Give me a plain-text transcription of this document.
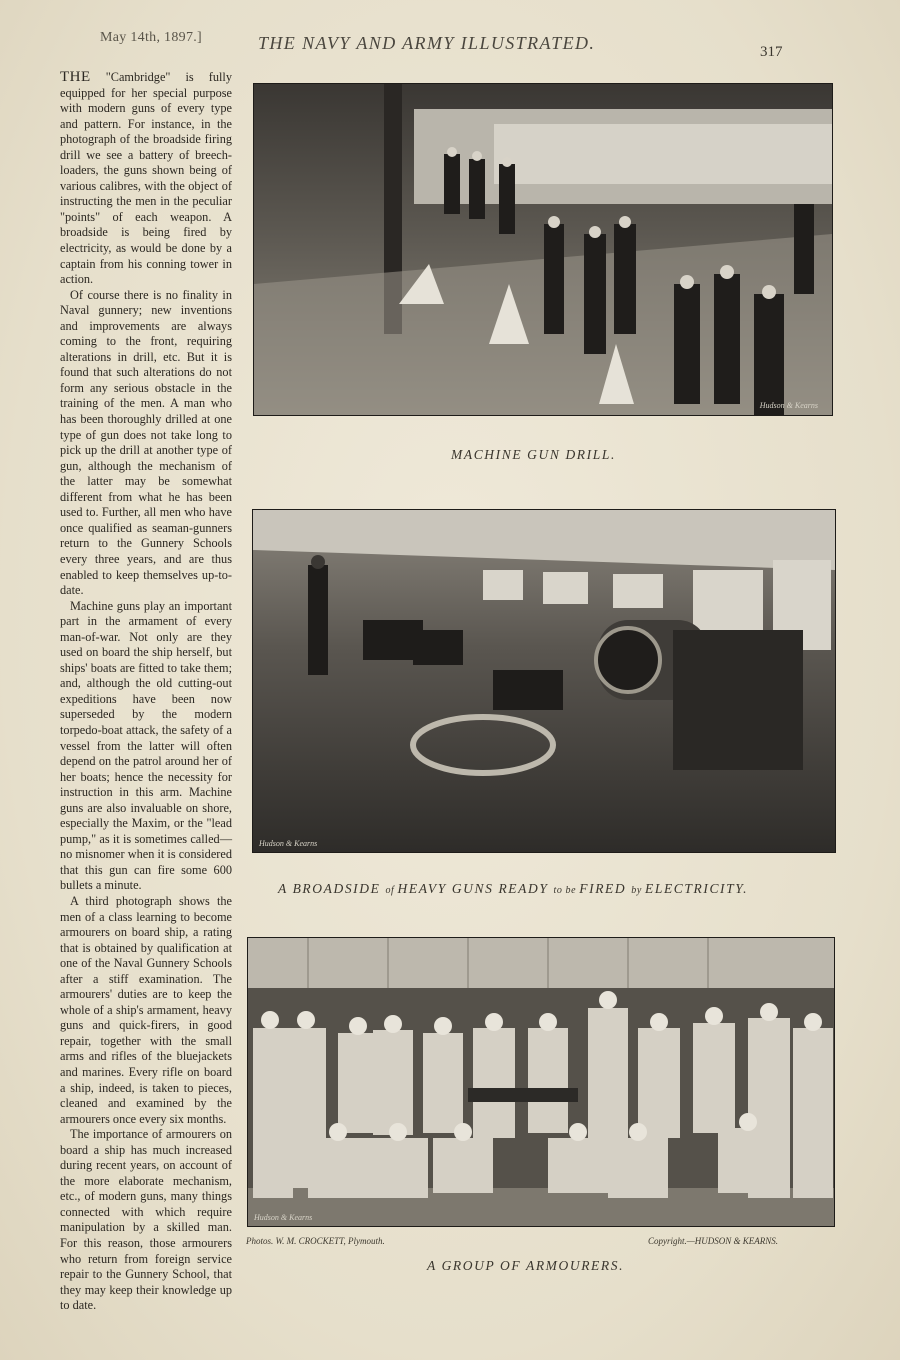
May 14th, 1897.]	THE NAVY AND ARMY ILLUSTRATED.	317

THE "Cambridge" is fully equipped for her special purpose with modern guns of every type and pattern. For instance, in the photograph of the broadside firing drill we see a battery of breech-loaders, the guns shown being of various calibres, with the object of instructing the men in the peculiar "points" of each weapon. A broadside is being fired by electricity, as would be done by a captain from his conning tower in action.

Of course there is no finality in Naval gunnery; new inventions and improvements are always coming to the front, requiring alterations in drill, etc. But it is found that such alterations do not form any serious obstacle in the training of the men. A man who has been thoroughly drilled at one type of gun does not take long to pick up the drill at another type of gun, although the mechanism of the latter may be somewhat different from what he has been used to. Further, all men who have once qualified as seaman-gunners return to the Gunnery Schools every three years, and are thus enabled to keep themselves up-to-date.

Machine guns play an important part in the armament of every man-of-war. Not only are they used on board the ship herself, but ships' boats are fitted to take them; and, although the old cutting-out expeditions have been now superseded by the modern torpedo-boat attack, the safety of a vessel from the latter will often depend on the patrol around her of her boats; hence the necessity for instruction in this arm. Machine guns are also invaluable on shore, especially the Maxim, or the "lead pump," as it is sometimes called—no misnomer when it is considered that this gun can fire some 600 bullets a minute.

A third photograph shows the men of a class learning to become armourers on board ship, a rating that is obtained by qualification at one of the Naval Gunnery Schools after a stiff examination. The armourers' duties are to keep the whole of a ship's armament, heavy guns and quick-firers, in good repair, together with the small arms and rifles of the bluejackets and marines. Every rifle on board a ship, indeed, is taken to pieces, cleaned and examined by the armourers once every six months.

The importance of armourers on board a ship has much increased during recent years, on account of the more elaborate mechanism, etc., of modern guns, many things connected with which require manipulation by a skilled man. For this reason, those armourers who return from foreign service repair to the Gunnery School, that they may keep their knowledge up to date.

Hudson & Kearns
MACHINE GUN DRILL.
Hudson & Kearns
A BROADSIDE of HEAVY GUNS READY to be FIRED by ELECTRICITY.
Hudson & Kearns
Photos. W. M. CROCKETT, Plymouth.	Copyright.—HUDSON & KEARNS.
A GROUP OF ARMOURERS.
